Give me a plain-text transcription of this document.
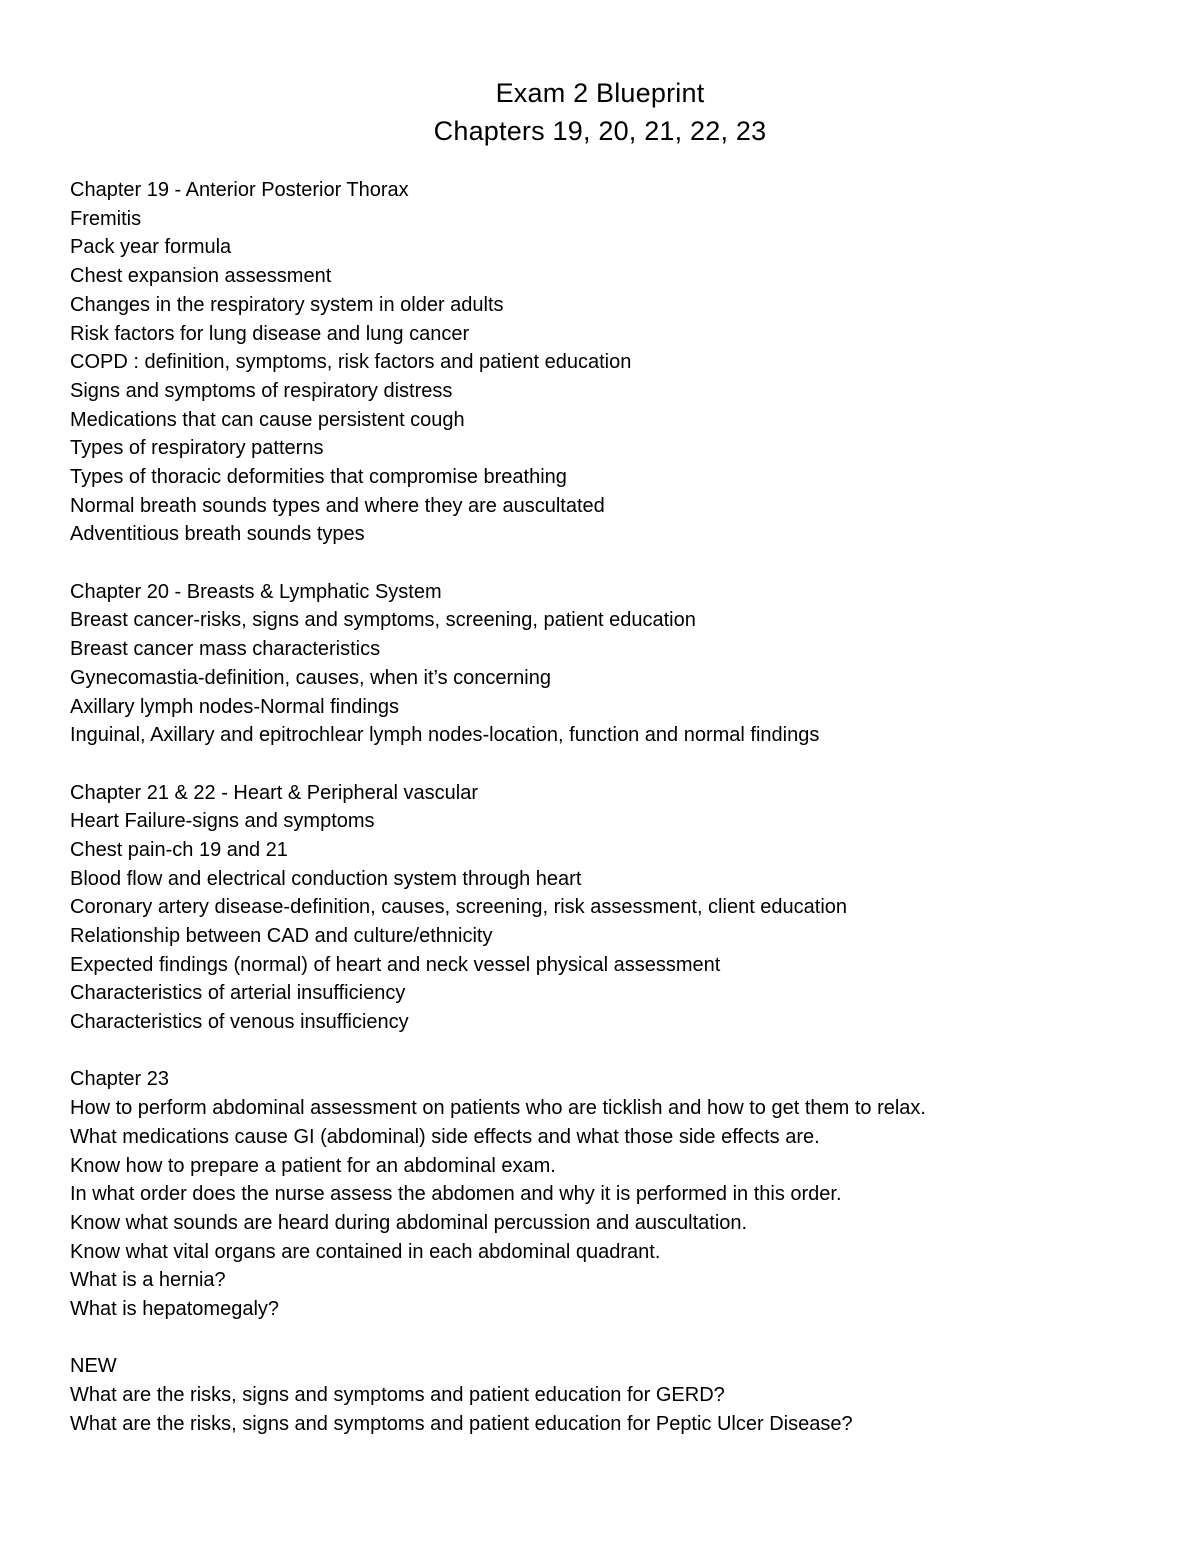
Exam 2 Blueprint
Chapters 19, 20, 21, 22, 23
Chapter 19 - Anterior Posterior Thorax
Fremitis
Pack year formula
Chest expansion assessment
Changes in the respiratory system in older adults
Risk factors for lung disease and lung cancer
COPD : definition, symptoms, risk factors and patient education
Signs and symptoms of respiratory distress
Medications that can cause persistent cough
Types of respiratory patterns
Types of thoracic deformities that compromise breathing
Normal breath sounds types and where they are auscultated
Adventitious breath sounds types
Chapter 20 - Breasts & Lymphatic System
Breast cancer-risks, signs and symptoms, screening, patient education
Breast cancer mass characteristics
Gynecomastia-definition, causes, when it’s concerning
Axillary lymph nodes-Normal findings
Inguinal, Axillary and epitrochlear lymph nodes-location, function and normal findings
Chapter 21 & 22 - Heart & Peripheral vascular
Heart Failure-signs and symptoms
Chest pain-ch 19 and 21
Blood flow and electrical conduction system through heart
Coronary artery disease-definition, causes, screening, risk assessment, client education
Relationship between CAD and culture/ethnicity
Expected findings (normal) of heart and neck vessel physical assessment
Characteristics of arterial insufficiency
Characteristics of venous insufficiency
Chapter 23
How to perform abdominal assessment on patients who are ticklish and how to get them to relax.
What medications cause GI (abdominal) side effects and what those side effects are.
Know how to prepare a patient for an abdominal exam.
In what order does the nurse assess the abdomen and why it is performed in this order.
Know what sounds are heard during abdominal percussion and auscultation.
Know what vital organs are contained in each abdominal quadrant.
What is a hernia?
What is hepatomegaly?
NEW
What are the risks, signs and symptoms and patient education for GERD?
What are the risks, signs and symptoms and patient education for Peptic Ulcer Disease?
